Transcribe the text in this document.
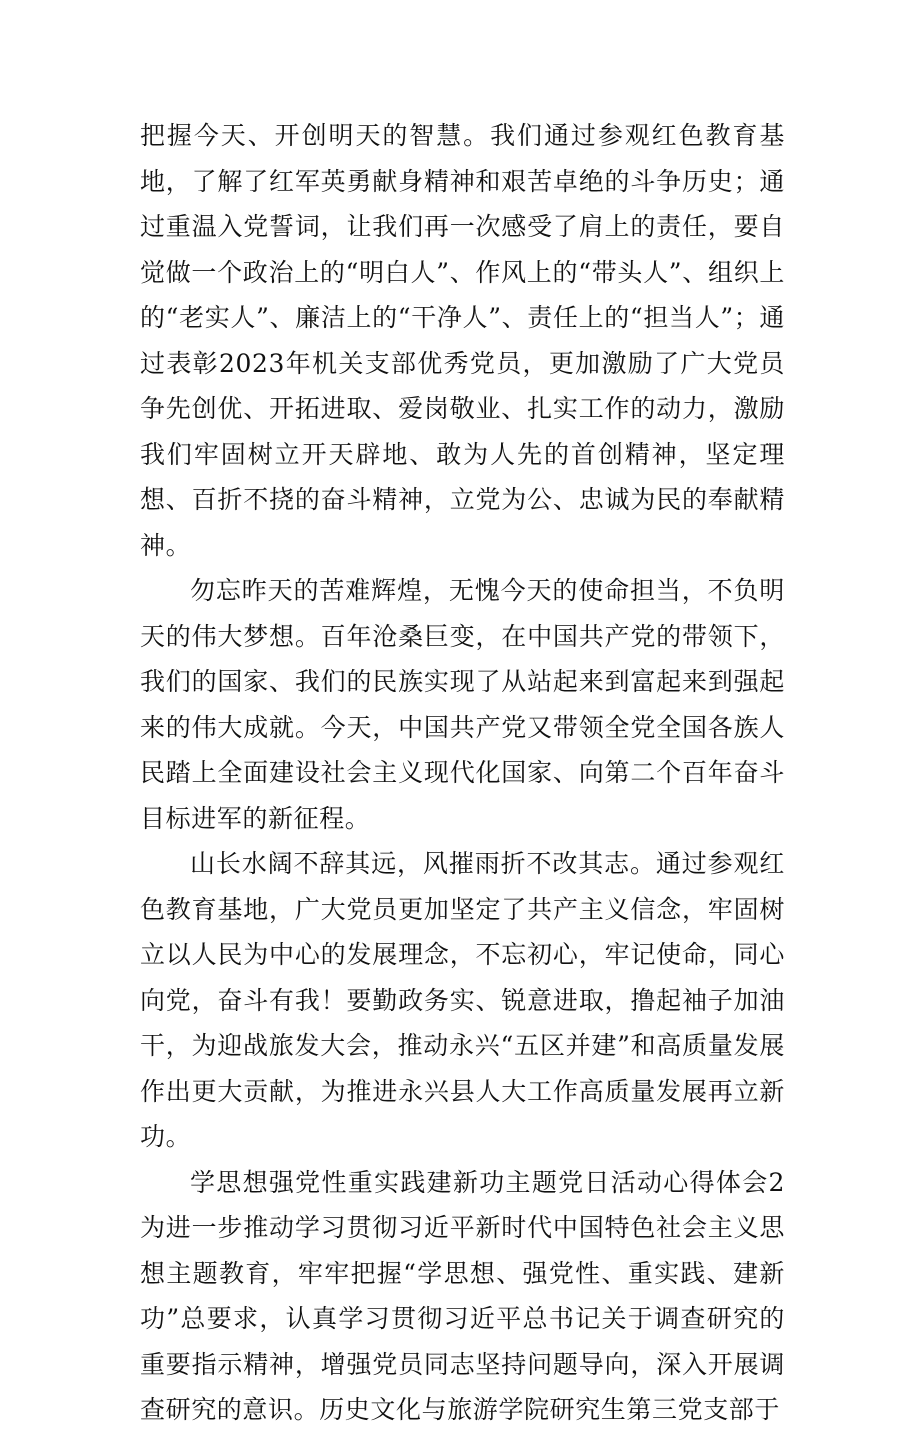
把握今天、开创明天的智慧。我们通过参观红色教育基地，了解了红军英勇献身精神和艰苦卓绝的斗争历史；通过重温入党誓词，让我们再一次感受了肩上的责任，要自觉做一个政治上的“明白人”、作风上的“带头人”、组织上的“老实人”、廉洁上的“干净人”、责任上的“担当人”；通过表彰2023年机关支部优秀党员，更加激励了广大党员争先创优、开拓进取、爱岗敬业、扎实工作的动力，激励我们牢固树立开天辟地、敢为人先的首创精神，坚定理想、百折不挠的奋斗精神，立党为公、忠诚为民的奉献精神。

勿忘昨天的苦难辉煌，无愧今天的使命担当，不负明天的伟大梦想。百年沧桑巨变，在中国共产党的带领下，我们的国家、我们的民族实现了从站起来到富起来到强起来的伟大成就。今天，中国共产党又带领全党全国各族人民踏上全面建设社会主义现代化国家、向第二个百年奋斗目标进军的新征程。

山长水阔不辞其远，风摧雨折不改其志。通过参观红色教育基地，广大党员更加坚定了共产主义信念，牢固树立以人民为中心的发展理念，不忘初心，牢记使命，同心向党，奋斗有我！要勤政务实、锐意进取，撸起袖子加油干，为迎战旅发大会，推动永兴“五区并建”和高质量发展作出更大贡献，为推进永兴县人大工作高质量发展再立新功。

学思想强党性重实践建新功主题党日活动心得体会2为进一步推动学习贯彻习近平新时代中国特色社会主义思想主题教育，牢牢把握“学思想、强党性、重实践、建新功”总要求，认真学习贯彻习近平总书记关于调查研究的重要指示精神，增强党员同志坚持问题导向，深入开展调查研究的意识。历史文化与旅游学院研究生第三党支部于
